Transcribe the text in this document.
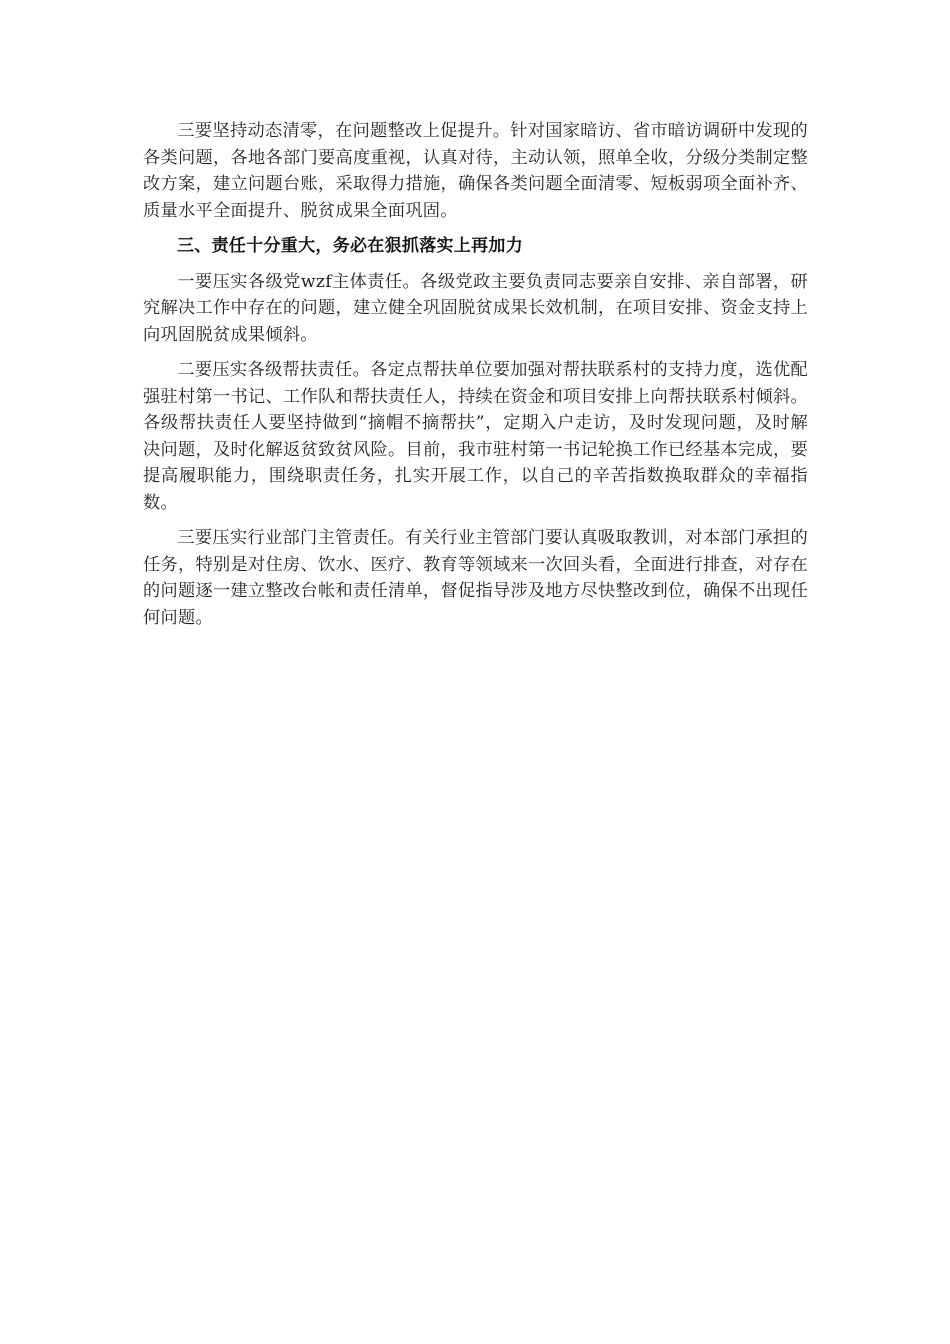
三要坚持动态清零，在问题整改上促提升。针对国家暗访、省市暗访调研中发现的各类问题，各地各部门要高度重视，认真对待，主动认领，照单全收，分级分类制定整改方案，建立问题台账，采取得力措施，确保各类问题全面清零、短板弱项全面补齐、质量水平全面提升、脱贫成果全面巩固。

三、责任十分重大，务必在狠抓落实上再加力

一要压实各级党wzf主体责任。各级党政主要负责同志要亲自安排、亲自部署，研究解决工作中存在的问题，建立健全巩固脱贫成果长效机制，在项目安排、资金支持上向巩固脱贫成果倾斜。

二要压实各级帮扶责任。各定点帮扶单位要加强对帮扶联系村的支持力度，选优配强驻村第一书记、工作队和帮扶责任人，持续在资金和项目安排上向帮扶联系村倾斜。各级帮扶责任人要坚持做到“摘帽不摘帮扶”，定期入户走访，及时发现问题，及时解决问题，及时化解返贫致贫风险。目前，我市驻村第一书记轮换工作已经基本完成，要提高履职能力，围绕职责任务，扎实开展工作，以自己的辛苦指数换取群众的幸福指数。

三要压实行业部门主管责任。有关行业主管部门要认真吸取教训，对本部门承担的任务，特别是对住房、饮水、医疗、教育等领域来一次回头看，全面进行排查，对存在的问题逐一建立整改台帐和责任清单，督促指导涉及地方尽快整改到位，确保不出现任何问题。
